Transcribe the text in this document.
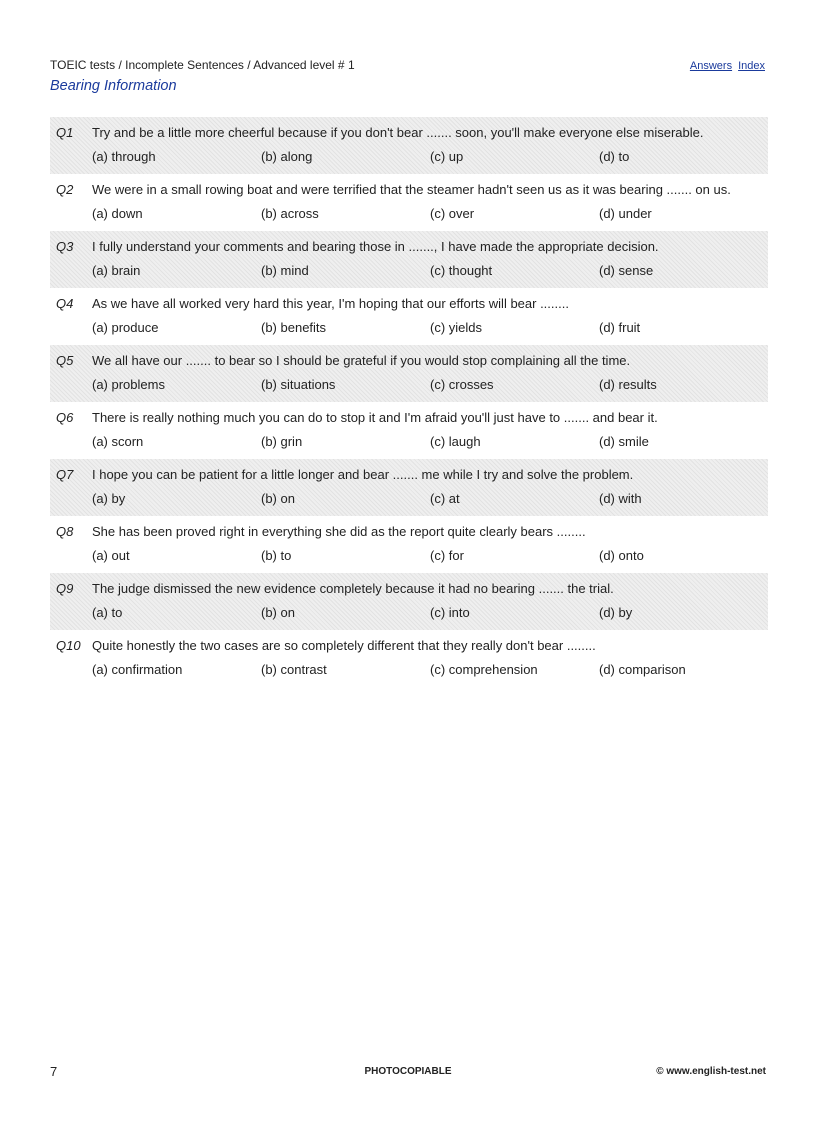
TOEIC tests / Incomplete Sentences / Advanced level # 1
Bearing Information
Answers Index
Q1	Try and be a little more cheerful because if you don't bear ....... soon, you'll make everyone else miserable.
(a) through	(b) along	(c) up	(d) to
Q2	We were in a small rowing boat and were terrified that the steamer hadn't seen us as it was bearing ....... on us.
(a) down	(b) across	(c) over	(d) under
Q3	I fully understand your comments and bearing those in ......., I have made the appropriate decision.
(a) brain	(b) mind	(c) thought	(d) sense
Q4	As we have all worked very hard this year, I'm hoping that our efforts will bear ........
(a) produce	(b) benefits	(c) yields	(d) fruit
Q5	We all have our ....... to bear so I should be grateful if you would stop complaining all the time.
(a) problems	(b) situations	(c) crosses	(d) results
Q6	There is really nothing much you can do to stop it and I'm afraid you'll just have to ....... and bear it.
(a) scorn	(b) grin	(c) laugh	(d) smile
Q7	I hope you can be patient for a little longer and bear ....... me while I try and solve the problem.
(a) by	(b) on	(c) at	(d) with
Q8	She has been proved right in everything she did as the report quite clearly bears ........
(a) out	(b) to	(c) for	(d) onto
Q9	The judge dismissed the new evidence completely because it had no bearing ....... the trial.
(a) to	(b) on	(c) into	(d) by
Q10 Quite honestly the two cases are so completely different that they really don't bear ........
(a) confirmation	(b) contrast	(c) comprehension	(d) comparison
7	PHOTOCOPIABLE	© www.english-test.net
